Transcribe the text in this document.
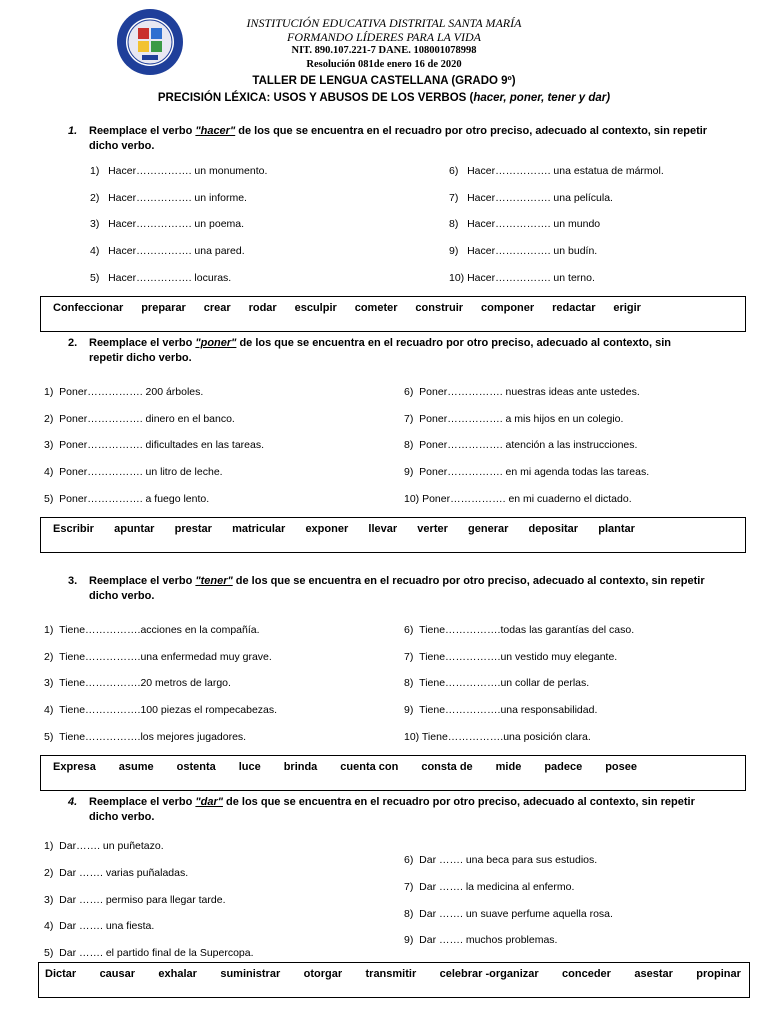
INSTITUCIÓN EDUCATIVA DISTRITAL SANTA MARÍA
FORMANDO LÍDERES PARA LA VIDA
NIT. 890.107.221-7 DANE. 108001078998
Resolución 081de enero 16 de 2020
TALLER DE LENGUA CASTELLANA (GRADO 9º)
PRECISIÓN LÉXICA: USOS Y ABUSOS DE LOS VERBOS (hacer, poner, tener y dar)
1.	Reemplace el verbo "hacer" de los que se encuentra en el recuadro por otro preciso, adecuado al contexto, sin repetir dicho verbo.
1)   Hacer……………. un monumento.
2)   Hacer……………. un informe.
3)   Hacer……………. un poema.
4)   Hacer……………. una pared.
5)   Hacer……………. locuras.
6)   Hacer……………. una estatua de mármol.
7)   Hacer……………. una película.
8)   Hacer……………. un mundo
9)   Hacer……………. un budín.
10) Hacer……………. un terno.
Confeccionar preparar crear rodar esculpir cometer construir componer redactar erigir
2.	Reemplace el verbo "poner" de los que se encuentra en el recuadro por otro preciso, adecuado al contexto, sin repetir dicho verbo.
1)  Poner……………. 200 árboles.
2)  Poner……………. dinero en el banco.
3)  Poner……………. dificultades en las tareas.
4)  Poner……………. un litro de leche.
5)  Poner……………. a fuego lento.
6)  Poner……………. nuestras ideas ante ustedes.
7)  Poner……………. a mis hijos en un colegio.
8)  Poner……………. atención a las instrucciones.
9)  Poner……………. en mi agenda todas las tareas.
10) Poner……………. en mi cuaderno el dictado.
Escribir apuntar prestar matricular exponer llevar verter generar depositar plantar
3.	Reemplace el verbo "tener" de los que se encuentra en el recuadro por otro preciso, adecuado al contexto, sin repetir dicho verbo.
1)  Tiene…………….acciones en la compañía.
2)  Tiene…………….una enfermedad muy grave.
3)  Tiene…………….20 metros de largo.
4)  Tiene…………….100 piezas el rompecabezas.
5)  Tiene…………….los mejores jugadores.
6)  Tiene…………….todas las garantías del caso.
7)  Tiene…………….un vestido muy elegante.
8)  Tiene…………….un collar de perlas.
9)  Tiene…………….una responsabilidad.
10) Tiene…………….una posición clara.
Expresa asume ostenta luce brinda cuenta con consta de mide padece posee
4.	Reemplace el verbo "dar" de los que se encuentra en el recuadro por otro preciso, adecuado al contexto, sin repetir dicho verbo.
1)  Dar……. un puñetazo.
2)  Dar ……. varias puñaladas.
3)  Dar ……. permiso para llegar tarde.
4)  Dar ……. una fiesta.
5)  Dar ……. el partido final de la Supercopa.
6)  Dar ……. una beca para sus estudios.
7)  Dar ……. la medicina al enfermo.
8)  Dar ……. un suave perfume aquella rosa.
9)  Dar ……. muchos problemas.
Dictar causar exhalar suministrar otorgar transmitir celebrar -organizar conceder asestar propinar
